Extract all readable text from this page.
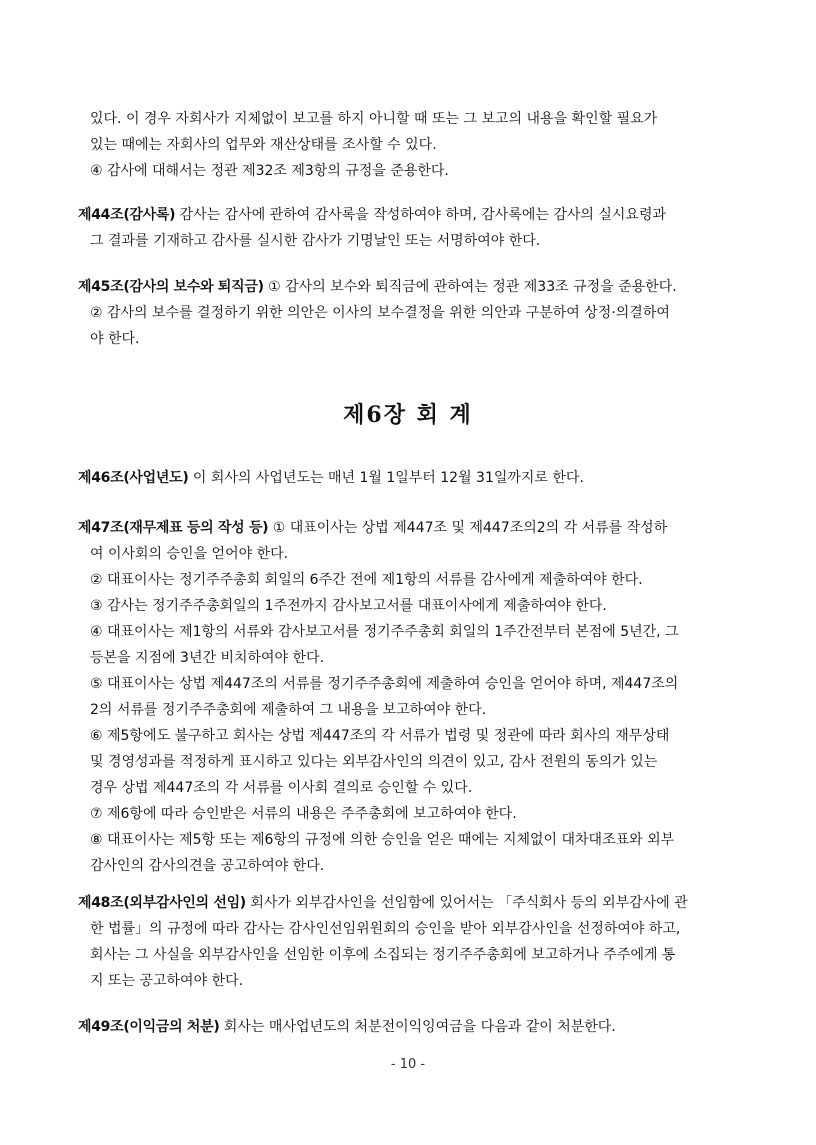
있다. 이 경우 자회사가 지체없이 보고를 하지 아니할 때 또는 그 보고의 내용을 확인할 필요가
있는 때에는 자회사의 업무와 재산상태를 조사할 수 있다.
④ 감사에 대해서는 정관 제32조 제3항의 규정을 준용한다.
제44조(감사록) 감사는 감사에 관하여 감사록을 작성하여야 하며, 감사록에는 감사의 실시요령과
그 결과를 기재하고 감사를 실시한 감사가 기명날인 또는 서명하여야 한다.
제45조(감사의 보수와 퇴직금) ① 감사의 보수와 퇴직금에 관하여는 정관 제33조 규정을 준용한다.
② 감사의 보수를 결정하기 위한 의안은 이사의 보수결정을 위한 의안과 구분하여 상정·의결하여
야 한다.
제6장 회 계
제46조(사업년도) 이 회사의 사업년도는 매년 1월 1일부터 12월 31일까지로 한다.
제47조(재무제표 등의 작성 등) ① 대표이사는 상법 제447조 및 제447조의2의 각 서류를 작성하
여 이사회의 승인을 얻어야 한다.
② 대표이사는 정기주주총회 회일의 6주간 전에 제1항의 서류를 감사에게 제출하여야 한다.
③ 감사는 정기주주총회일의 1주전까지 감사보고서를 대표이사에게 제출하여야 한다.
④ 대표이사는 제1항의 서류와 감사보고서를 정기주주총회 회일의 1주간전부터 본점에 5년간, 그
등본을 지점에 3년간 비치하여야 한다.
⑤ 대표이사는 상법 제447조의 서류를 정기주주총회에 제출하여 승인을 얻어야 하며, 제447조의
2의 서류를 정기주주총회에 제출하여 그 내용을 보고하여야 한다.
⑥ 제5항에도 불구하고 회사는 상법 제447조의 각 서류가 법령 및 정관에 따라 회사의 재무상태
및 경영성과를 적정하게 표시하고 있다는 외부감사인의 의견이 있고, 감사 전원의 동의가 있는
경우 상법 제447조의 각 서류를 이사회 결의로 승인할 수 있다.
⑦ 제6항에 따라 승인받은 서류의 내용은 주주총회에 보고하여야 한다.
⑧ 대표이사는 제5항 또는 제6항의 규정에 의한 승인을 얻은 때에는 지체없이 대차대조표와 외부
감사인의 감사의견을 공고하여야 한다.
제48조(외부감사인의 선임) 회사가 외부감사인을 선임함에 있어서는 「주식회사 등의 외부감사에 관
한 법률」의 규정에 따라 감사는 감사인선임위원회의 승인을 받아 외부감사인을 선정하여야 하고,
회사는 그 사실을 외부감사인을 선임한 이후에 소집되는 정기주주총회에 보고하거나 주주에게 통
지 또는 공고하여야 한다.
제49조(이익금의 처분) 회사는 매사업년도의 처분전이익잉여금을 다음과 같이 처분한다.
- 10 -
